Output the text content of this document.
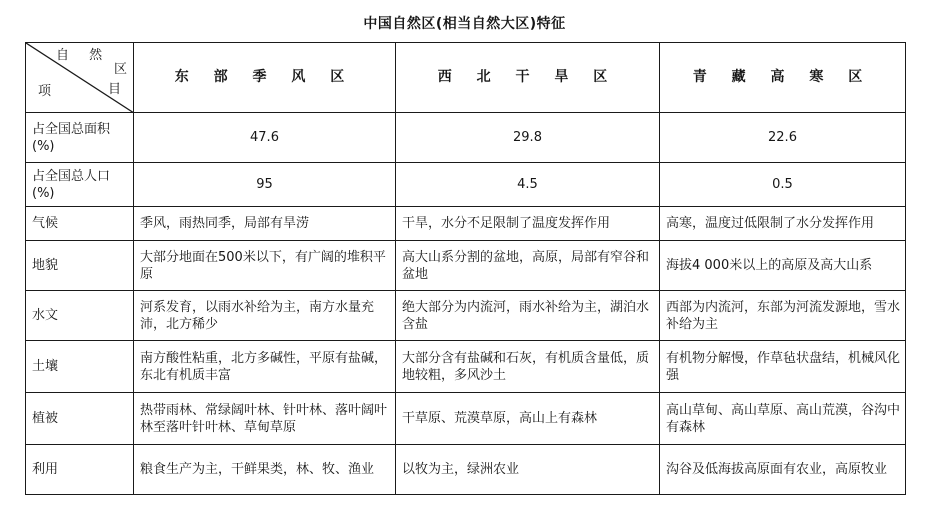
中国自然区(相当自然大区)特征
自 然
区
项 目	东 部 季 风 区	西 北 干 旱 区	青 藏 高 寒 区
占全国总面积(%)	47.6	29.8	22.6
占全国总人口(%)	95	4.5	0.5
气候	季风，雨热同季，局部有旱涝	干旱，水分不足限制了温度发挥作用	高寒，温度过低限制了水分发挥作用
地貌	大部分地面在500米以下，有广阔的堆积平原	高大山系分割的盆地，高原，局部有窄谷和盆地	海拔4 000米以上的高原及高大山系
水文	河系发育，以雨水补给为主，南方水量充沛，北方稀少	绝大部分为内流河，雨水补给为主，湖泊水含盐	西部为内流河，东部为河流发源地，雪水补给为主
土壤	南方酸性粘重，北方多碱性，平原有盐碱，东北有机质丰富	大部分含有盐碱和石灰，有机质含量低，质地较粗，多风沙土	有机物分解慢，作草毡状盘结，机械风化强
植被	热带雨林、常绿阔叶林、针叶林、落叶阔叶林至落叶针叶林、草甸草原	干草原、荒漠草原，高山上有森林	高山草甸、高山草原、高山荒漠，谷沟中有森林
利用	粮食生产为主，干鲜果类，林、牧、渔业	以牧为主，绿洲农业	沟谷及低海拔高原面有农业，高原牧业
